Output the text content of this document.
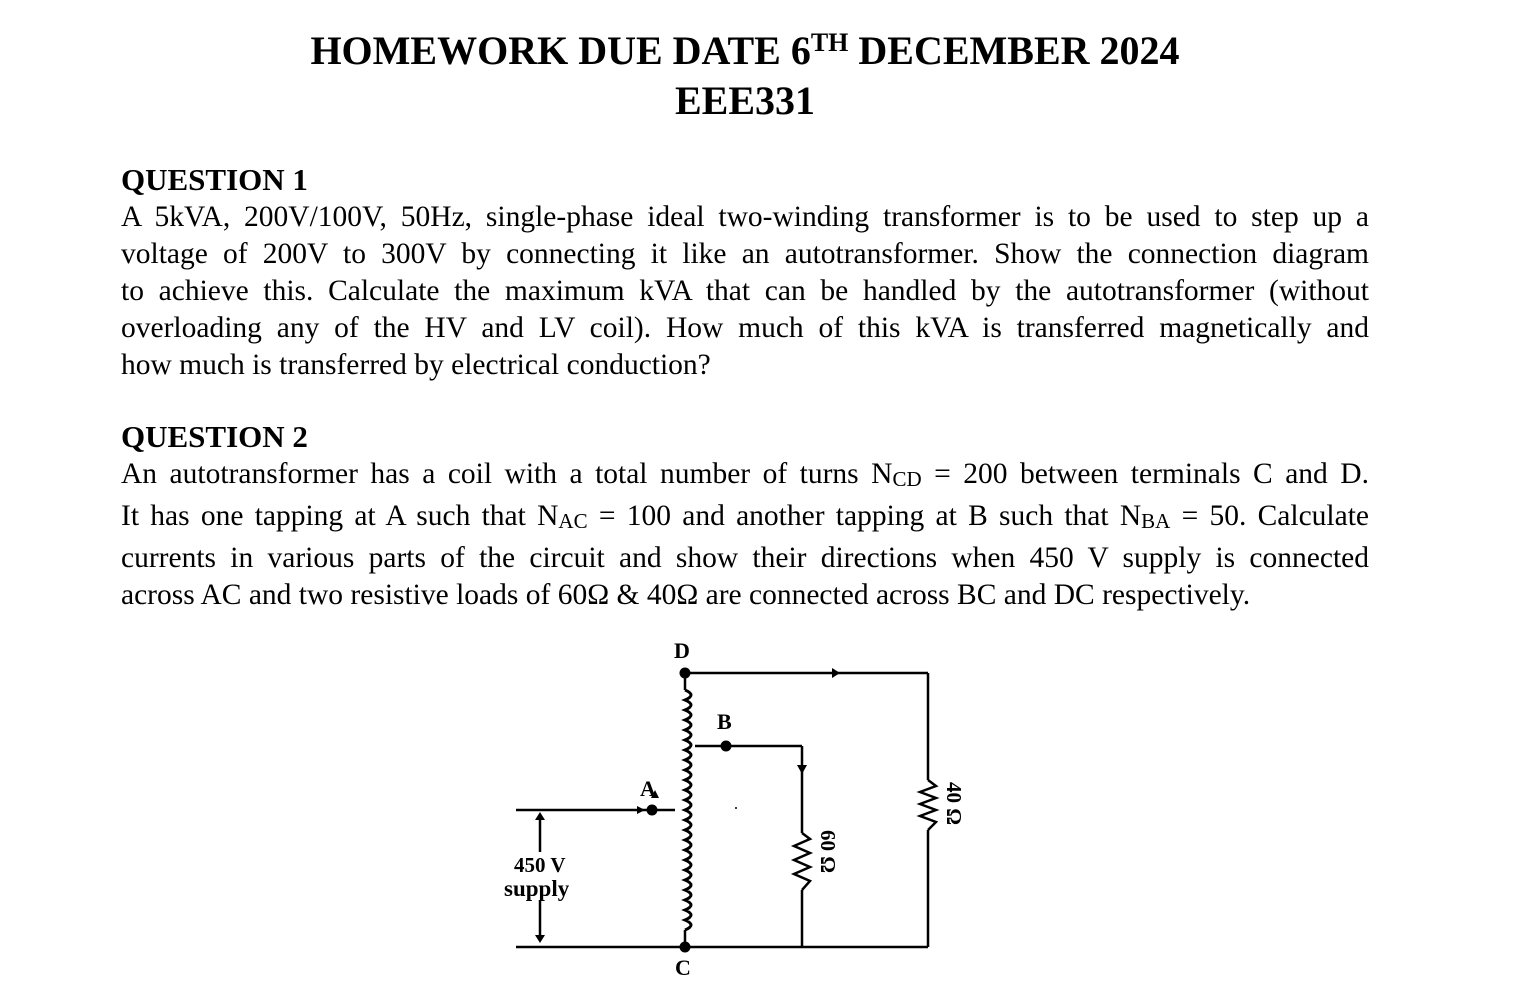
HOMEWORK DUE DATE 6TH DECEMBER 2024
EEE331
QUESTION 1

A 5kVA, 200V/100V, 50Hz, single-phase ideal two-winding transformer is to be used to step up a
voltage of 200V to 300V by connecting it like an autotransformer. Show the connection diagram
to achieve this. Calculate the maximum kVA that can be handled by the autotransformer (without
overloading any of the HV and LV coil). How much of this kVA is transferred magnetically and
how much is transferred by electrical conduction?

QUESTION 2

An autotransformer has a coil with a total number of turns NCD = 200 between terminals C and D.
It has one tapping at A such that NAC = 100 and another tapping at B such that NBA = 50. Calculate
currents in various parts of the circuit and show their directions when 450 V supply is connected
across AC and two resistive loads of 60Ω & 40Ω are connected across BC and DC respectively.

D
B
A
C
450 V
supply
60 Ω
40 Ω
